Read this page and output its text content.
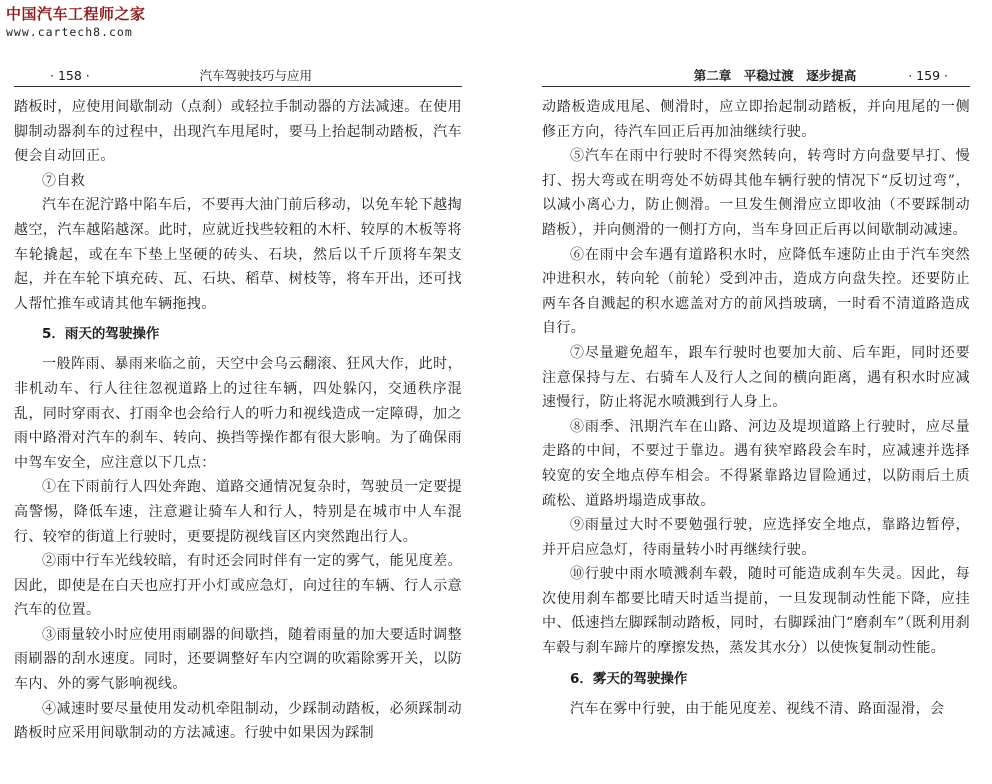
中国汽车工程师之家
www.cartech8.com
· 158 ·	汽车驾驶技巧与应用

踏板时，应使用间歇制动（点刹）或轻拉手制动器的方法减速。在使用脚制动器刹车的过程中，出现汽车甩尾时，要马上抬起制动踏板，汽车便会自动回正。

⑦自救

汽车在泥泞路中陷车后，不要再大油门前后移动，以免车轮下越掏越空，汽车越陷越深。此时，应就近找些较粗的木杆、较厚的木板等将车轮撬起，或在车下垫上坚硬的砖头、石块，然后以千斤顶将车架支起，并在车轮下填充砖、瓦、石块、稻草、树枝等，将车开出，还可找人帮忙推车或请其他车辆拖拽。

5．雨天的驾驶操作

一般阵雨、暴雨来临之前，天空中会乌云翻滚、狂风大作，此时，非机动车、行人往往忽视道路上的过往车辆，四处躲闪，交通秩序混乱，同时穿雨衣、打雨伞也会给行人的听力和视线造成一定障碍，加之雨中路滑对汽车的刹车、转向、换挡等操作都有很大影响。为了确保雨中驾车安全，应注意以下几点：

①在下雨前行人四处奔跑、道路交通情况复杂时，驾驶员一定要提高警惕，降低车速，注意避让骑车人和行人，特别是在城市中人车混行、较窄的街道上行驶时，更要提防视线盲区内突然跑出行人。

②雨中行车光线较暗，有时还会同时伴有一定的雾气，能见度差。因此，即使是在白天也应打开小灯或应急灯，向过往的车辆、行人示意汽车的位置。

③雨量较小时应使用雨刷器的间歇挡，随着雨量的加大要适时调整雨刷器的刮水速度。同时，还要调整好车内空调的吹霜除雾开关，以防车内、外的雾气影响视线。

④减速时要尽量使用发动机牵阻制动，少踩制动踏板，必须踩制动踏板时应采用间歇制动的方法减速。行驶中如果因为踩制

第二章　平稳过渡　逐步提高	· 159 ·

动踏板造成甩尾、侧滑时，应立即抬起制动踏板，并向甩尾的一侧修正方向，待汽车回正后再加油继续行驶。

⑤汽车在雨中行驶时不得突然转向，转弯时方向盘要早打、慢打、拐大弯或在明弯处不妨碍其他车辆行驶的情况下“反切过弯”，以减小离心力，防止侧滑。一旦发生侧滑应立即收油（不要踩制动踏板），并向侧滑的一侧打方向，当车身回正后再以间歇制动减速。

⑥在雨中会车遇有道路积水时，应降低车速防止由于汽车突然冲进积水，转向轮（前轮）受到冲击，造成方向盘失控。还要防止两车各自溅起的积水遮盖对方的前风挡玻璃，一时看不清道路造成自行。

⑦尽量避免超车，跟车行驶时也要加大前、后车距，同时还要注意保持与左、右骑车人及行人之间的横向距离，遇有积水时应减速慢行，防止将泥水喷溅到行人身上。

⑧雨季、汛期汽车在山路、河边及堤坝道路上行驶时，应尽量走路的中间，不要过于靠边。遇有狭窄路段会车时，应减速并选择较宽的安全地点停车相会。不得紧靠路边冒险通过，以防雨后土质疏松、道路坍塌造成事故。

⑨雨量过大时不要勉强行驶，应选择安全地点，靠路边暂停，并开启应急灯，待雨量转小时再继续行驶。

⑩行驶中雨水喷溅刹车毂，随时可能造成刹车失灵。因此，每次使用刹车都要比晴天时适当提前，一旦发现制动性能下降，应挂中、低速挡左脚踩制动踏板，同时，右脚踩油门“磨刹车”（既利用刹车毂与刹车蹄片的摩擦发热，蒸发其水分）以使恢复制动性能。

6．雾天的驾驶操作

汽车在雾中行驶，由于能见度差、视线不清、路面湿滑，会
